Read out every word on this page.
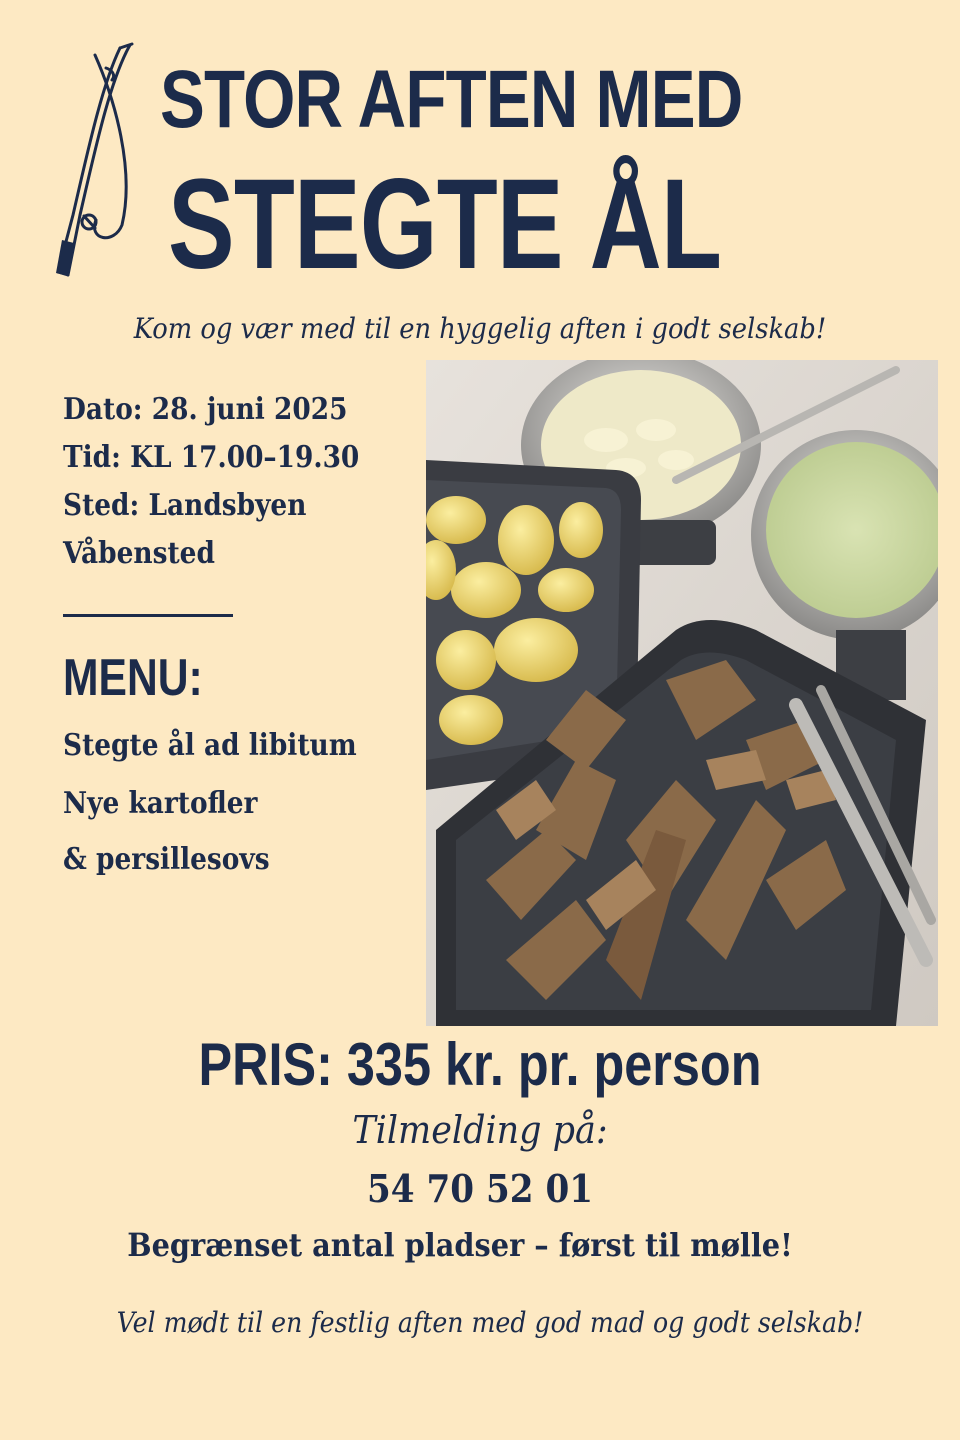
STOR AFTEN MED
STEGTE ÅL
Kom og vær med til en hyggelig aften i godt selskab!
Dato: 28. juni 2025
Tid: KL 17.00–19.30
Sted: Landsbyen
Våbensted
MENU:
Stegte ål ad libitum
Nye kartofler
& persillesovs
PRIS: 335 kr. pr. person
Tilmelding på:
54 70 52 01
Begrænset antal pladser – først til mølle!
Vel mødt til en festlig aften med god mad og godt selskab!
